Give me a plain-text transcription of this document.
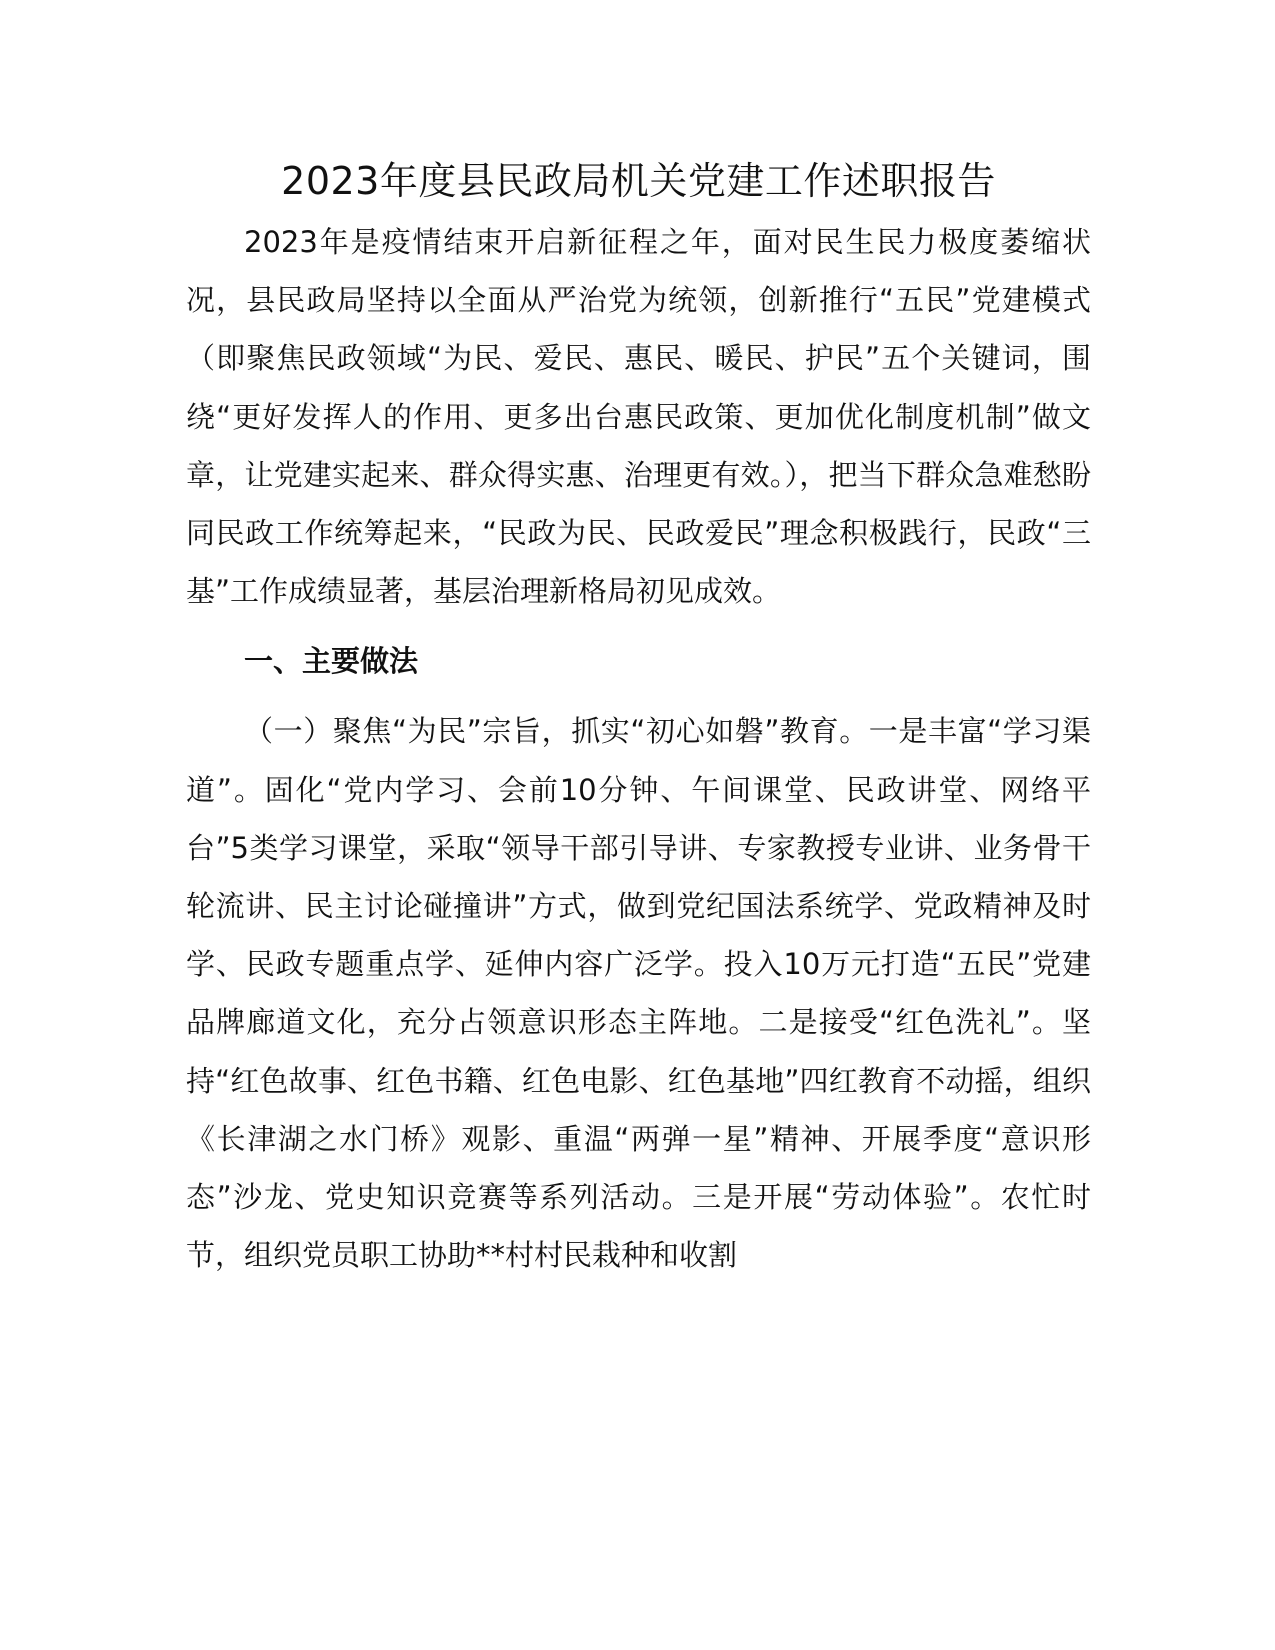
2023年度县民政局机关党建工作述职报告

2023年是疫情结束开启新征程之年，面对民生民力极度萎缩状况，县民政局坚持以全面从严治党为统领，创新推行“五民”党建模式（即聚焦民政领域“为民、爱民、惠民、暖民、护民”五个关键词，围绕“更好发挥人的作用、更多出台惠民政策、更加优化制度机制”做文章，让党建实起来、群众得实惠、治理更有效。），把当下群众急难愁盼同民政工作统筹起来，“民政为民、民政爱民”理念积极践行，民政“三基”工作成绩显著，基层治理新格局初见成效。

一、主要做法

（一）聚焦“为民”宗旨，抓实“初心如磐”教育。一是丰富“学习渠道”。固化“党内学习、会前10分钟、午间课堂、民政讲堂、网络平台”5类学习课堂，采取“领导干部引导讲、专家教授专业讲、业务骨干轮流讲、民主讨论碰撞讲”方式，做到党纪国法系统学、党政精神及时学、民政专题重点学、延伸内容广泛学。投入10万元打造“五民”党建品牌廊道文化，充分占领意识形态主阵地。二是接受“红色洗礼”。坚持“红色故事、红色书籍、红色电影、红色基地”四红教育不动摇，组织《长津湖之水门桥》观影、重温“两弹一星”精神、开展季度“意识形态”沙龙、党史知识竞赛等系列活动。三是开展“劳动体验”。农忙时节，组织党员职工协助**村村民栽种和收割
